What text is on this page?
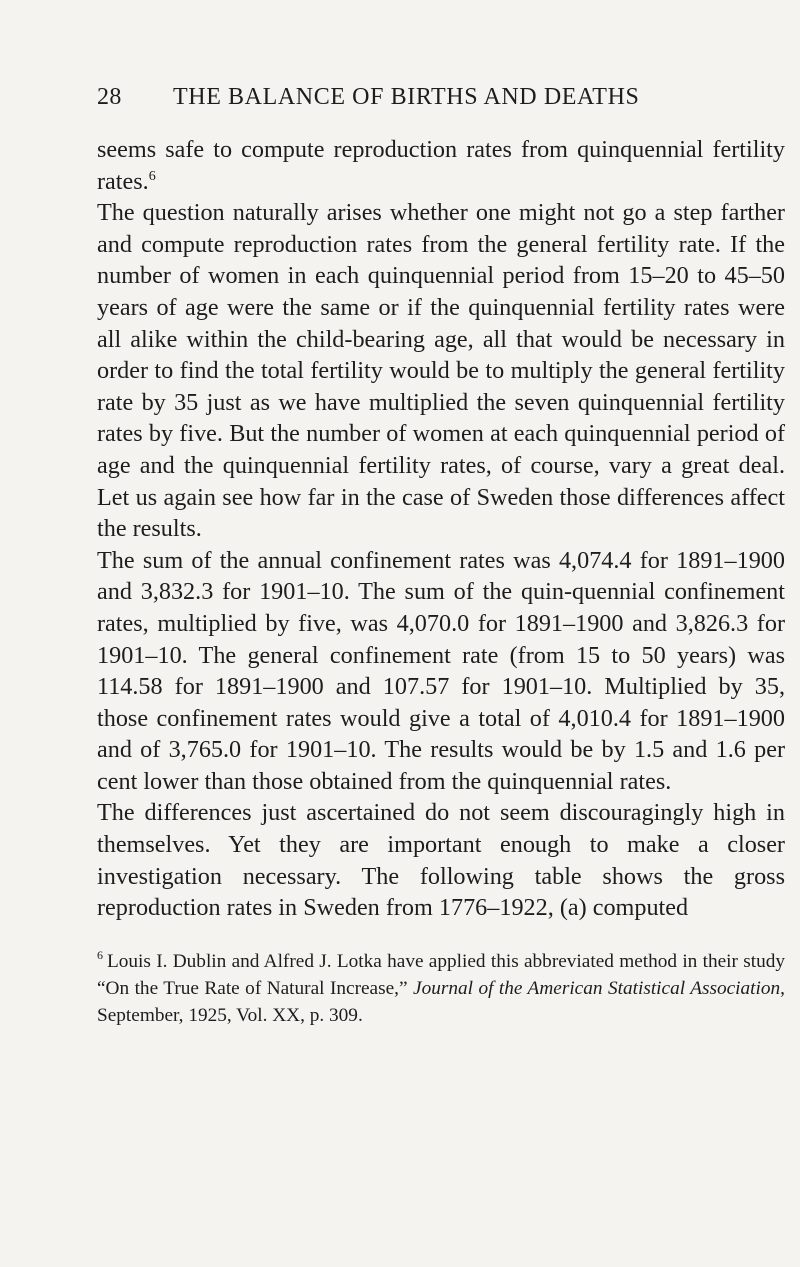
28 THE BALANCE OF BIRTHS AND DEATHS

seems safe to compute reproduction rates from quinquennial fertility rates.$^6$

The question naturally arises whether one might not go a step farther and compute reproduction rates from the general fertility rate. If the number of women in each quinquennial period from 15–20 to 45–50 years of age were the same or if the quinquennial fertility rates were all alike within the child-bearing age, all that would be necessary in order to find the total fertility would be to multiply the general fertility rate by 35 just as we have multiplied the seven quinquennial fertility rates by five. But the number of women at each quinquennial period of age and the quinquennial fertility rates, of course, vary a great deal. Let us again see how far in the case of Sweden those differences affect the results.

The sum of the annual confinement rates was 4,074.4 for 1891–1900 and 3,832.3 for 1901–10. The sum of the quin-quennial confinement rates, multiplied by five, was 4,070.0 for 1891–1900 and 3,826.3 for 1901–10. The general confinement rate (from 15 to 50 years) was 114.58 for 1891–1900 and 107.57 for 1901–10. Multiplied by 35, those confinement rates would give a total of 4,010.4 for 1891–1900 and of 3,765.0 for 1901–10. The results would be by 1.5 and 1.6 per cent lower than those obtained from the quinquennial rates.

The differences just ascertained do not seem discouragingly high in themselves. Yet they are important enough to make a closer investigation necessary. The following table shows the gross reproduction rates in Sweden from 1776–1922, (a) computed

$^6$ Louis I. Dublin and Alfred J. Lotka have applied this abbreviated method in their study “On the True Rate of Natural Increase,” Journal of the American Statistical Association, September, 1925, Vol. XX, p. 309.
